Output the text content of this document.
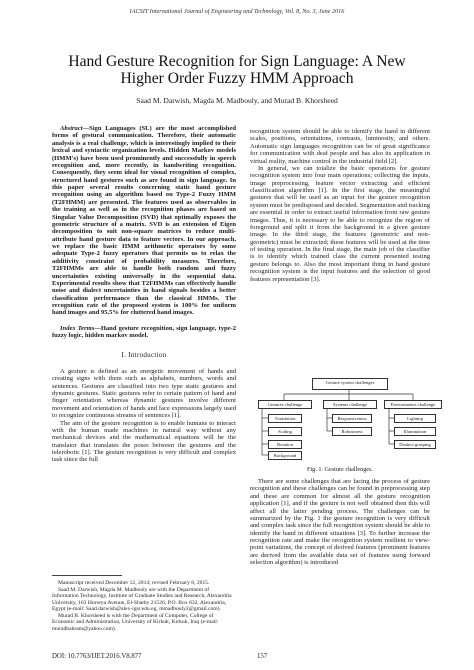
IACSIT International Journal of Engineering and Technology, Vol. 8, No. 3, June 2016
Hand Gesture Recognition for Sign Language: A New
Higher Order Fuzzy HMM Approach
Saad M. Darwish, Magda M. Madbouly, and Murad B. Khorsheed

Abstract—Sign Languages (SL) are the most accomplished forms of gestural communication. Therefore, their automatic analysis is a real challenge, which is interestingly implied to their lexical and syntactic organization levels. Hidden Markov models (HMM's) have been used prominently and successfully in speech recognition and, more recently, in handwriting recognition. Consequently, they seem ideal for visual recognition of complex, structured hand gestures such as are found in sign language. In this paper several results concerning static hand gesture recognition using an algorithm based on Type-2 Fuzzy HMM (T2FHMM) are presented. The features used as observables in the training as well as in the recognition phases are based on Singular Value Decomposition (SVD) that optimally exposes the geometric structure of a matrix. SVD is an extension of Eigen decomposition to suit non-square matrices to reduce multi-attribute hand gesture data to feature vectors. In our approach, we replace the basic HMM arithmetic operators by some adequate Type-2 fuzzy operators that permits us to relax the additivity constraint of probability measures. Therefore, T2FHMMs are able to handle both random and fuzzy uncertainties existing universally in the sequential data. Experimental results show that T2FHMMs can effectively handle noise and dialect uncertainties in hand signals besides a better classification performance than the classical HMMs. The recognition rate of the proposed system is 100% for uniform hand images and 95.5% for cluttered hand images.

Index Terms—Hand gesture recognition, sign language, type-2 fuzzy logic, hidden markov model.

I. Introduction

A gesture is defined as an energetic movement of hands and creating signs with them such as alphabets, numbers, words and sentences. Gestures are classified into two type static gestures and dynamic gestures. Static gestures refer to certain pattern of hand and finger orientation whereas dynamic gestures involve different movement and orientation of hands and face expressions largely used to recognize continuous streams of sentences [1].

The aim of the gesture recognition is to enable humans to interact with the human made machines in natural way without any mechanical devices and the mathematical equations will be the translator that translates the poses between the gestures and the telerobotic [1]. The gesture recognition is very difficult and complex task since the full

Manuscript received December 12, 2014; revised February 8, 2015.

Saad M. Darwish, Magda M. Madbouly are with the Department of Information Technology, Institute of Graduate Studies and Research, Alexandria University, 163 Horreya Avenue, El-Shatby 21526, P.O. Box 832, Alexandria, Egypt (e-mail: Saad.darwish@alex-igsr.edu.eg, mmadbouly2@gmail.com).

Murad B. Khorsheed is with the Department of Computer, College of Economic and Administration, University of Kirkuk, Kirkuk, Iraq (e-mail: muradbahram@yahoo.com).

DOI: 10.7763/IJET.2016.V8.877	157

recognition system should be able to identify the hand in different scales, positions, orientations, contrasts, luminosity, and others. Automatic sign languages recognition can be of great significance for communication with deaf people and has also its application in virtual reality, machine control in the industrial field [2].

In general, we can totalize the basic operations for gesture recognition system into four main operations; collecting the inputs, image preprocessing, feature vector extracting and efficient classification algorithm [1]. In the first stage, the meaningful gestures that will be used as an input for the gesture recognition system must be predisposed and decided. Segmentation and tracking are essential in order to extract useful information from raw gesture images. Thus, it is necessary to be able to recognize the region of foreground and split it from the background in a given gesture image. In the third stage, the features (geometric and non-geometric) must be extracted; these features will be used at the time of testing operation. In the final stage, the main job of the classifier is to identify which trained class the current presented testing gesture belongs to. Also the most important thing in hand gesture recognition system is the input features and the selection of good features representation [3].

Gesture system challenges
Gestures challenge	Systems challenge	Environments challenge
Translation
Scaling
Rotation
Background
Responsiveness
Robustness
Lighting
Illumination
Distinct grasping
Fig. 1. Gesture challenges.

There are some challenges that are facing the process of gesture recognition and these challenges can be found in preprocessing step and these are common for almost all the gesture recognition application [1], and if the gesture is not well obtained then this will affect all the latter pending process. The challenges can be summarized by the Fig. 1 the gesture recognition is very difficult and complex task since the full recognition system should be able to identify the hand in different situations [3]. To further increase the recognition rate and make the recognition system resilient to view-point variations, the concept of derived features (prominent features are derived from the available data set of features using forward selection algorithm) is introduced
